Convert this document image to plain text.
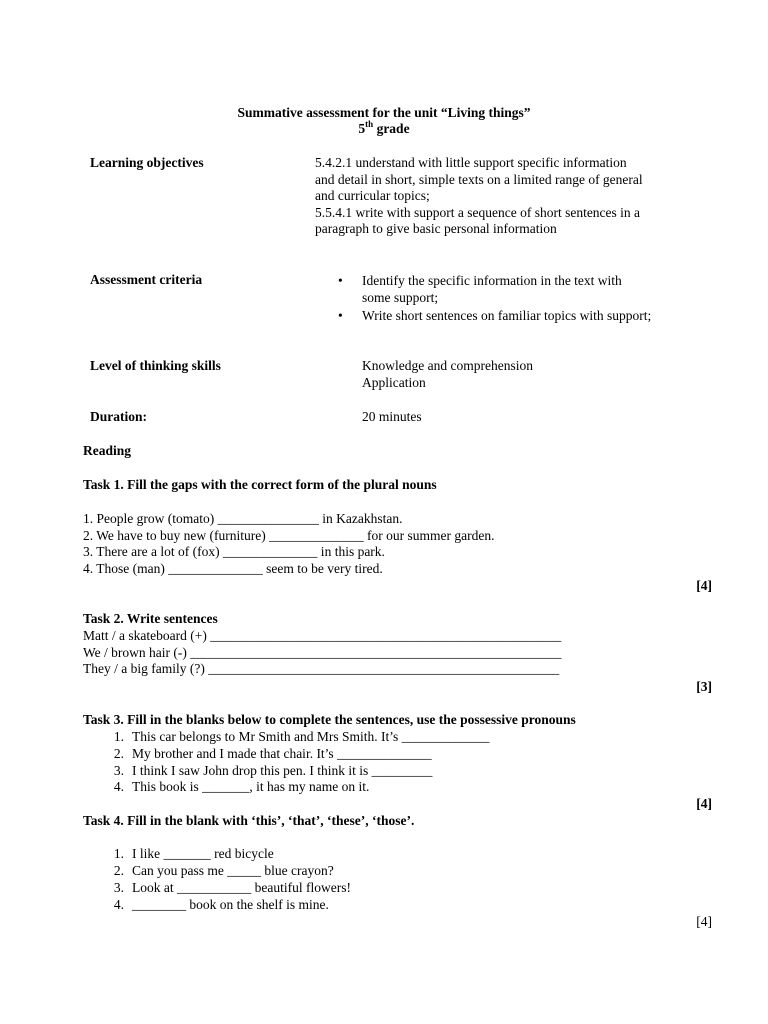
Summative assessment for the unit “Living things”
5th grade
Learning objectives	5.4.2.1 understand with little support specific information
and detail in short, simple texts on a limited range of general
and curricular topics;
5.5.4.1 write with support a sequence of short sentences in a
paragraph to give basic personal information
Assessment criteria	• Identify the specific information in the text with
some support;
• Write short sentences on familiar topics with support;
Level of thinking skills	Knowledge and comprehension
Application
Duration:	20 minutes
Reading
Task 1. Fill the gaps with the correct form of the plural nouns
1. People grow (tomato) _______________ in Kazakhstan.
2. We have to buy new (furniture) ______________ for our summer garden.
3. There are a lot of (fox) ______________ in this park.
4. Those (man) ______________ seem to be very tired.
[4]
Task 2. Write sentences
Matt / a skateboard (+) ____________________________________________________
We / brown hair (-) _______________________________________________________
They / a big family (?) ____________________________________________________
[3]
Task 3. Fill in the blanks below to complete the sentences, use the possessive pronouns
1. This car belongs to Mr Smith and Mrs Smith. It’s _____________
2. My brother and I made that chair. It’s ______________
3. I think I saw John drop this pen. I think it is _________
4. This book is _______, it has my name on it.
[4]
Task 4. Fill in the blank with ‘this’, ‘that’, ‘these’, ‘those’.
1. I like _______ red bicycle
2. Can you pass me _____ blue crayon?
3. Look at ___________ beautiful flowers!
4. ________ book on the shelf is mine.
[4]
